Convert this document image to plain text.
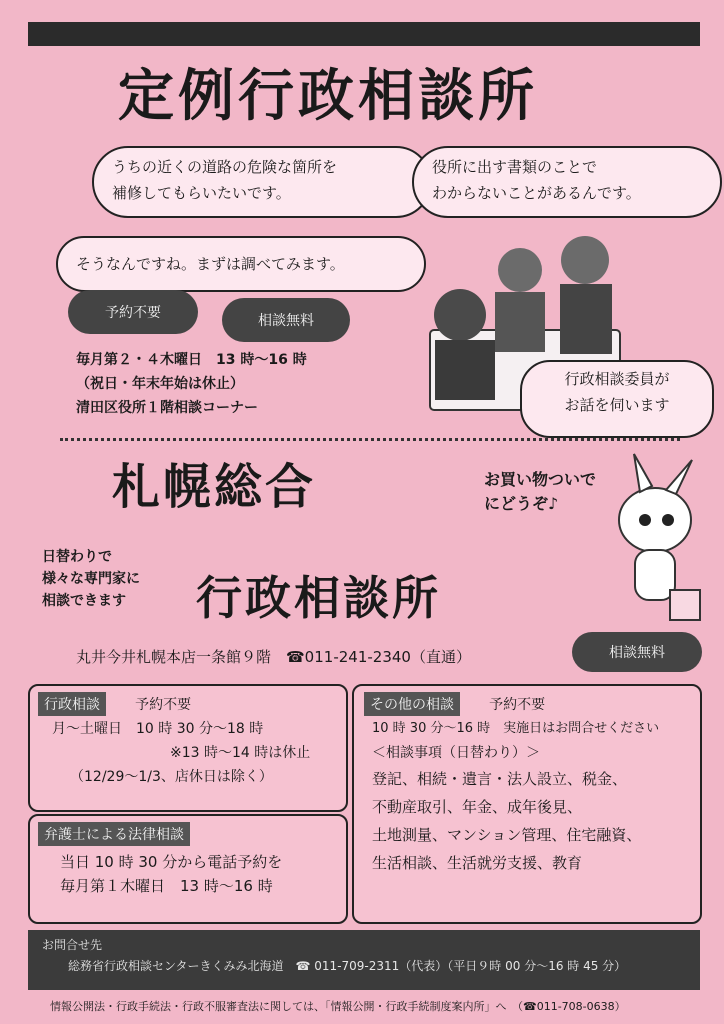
定例行政相談所
うちの近くの道路の危険な箇所を
補修してもらいたいです。
役所に出す書類のことで
わからないことがあるんです。
そうなんですね。まずは調べてみます。
予約不要	相談無料
毎月第２・４木曜日　13 時〜16 時
（祝日・年末年始は休止）
清田区役所１階相談コーナー
行政相談委員が
お話を伺います
札幌総合	お買い物ついで
にどうぞ♪
日替わりで
様々な専門家に
相談できます	行政相談所
丸井今井札幌本店一条館９階　☎011-241-2340（直通）	相談無料
行政相談	予約不要
月〜土曜日　10 時 30 分〜18 時
※13 時〜14 時は休止
（12/29〜1/3、店休日は除く）
弁護士による法律相談
当日 10 時 30 分から電話予約を
毎月第１木曜日　13 時〜16 時
その他の相談	予約不要
10 時 30 分〜16 時　実施日はお問合せください
＜相談事項（日替わり）＞
登記、相続・遺言・法人設立、税金、
不動産取引、年金、成年後見、
土地測量、マンション管理、住宅融資、
生活相談、生活就労支援、教育
お問合せ先
総務省行政相談センターきくみみ北海道　☎ 011-709-2311（代表）（平日９時 00 分〜16 時 45 分）
情報公開法・行政手続法・行政不服審査法に関しては、「情報公開・行政手続制度案内所」へ　（☎011-708-0638）
